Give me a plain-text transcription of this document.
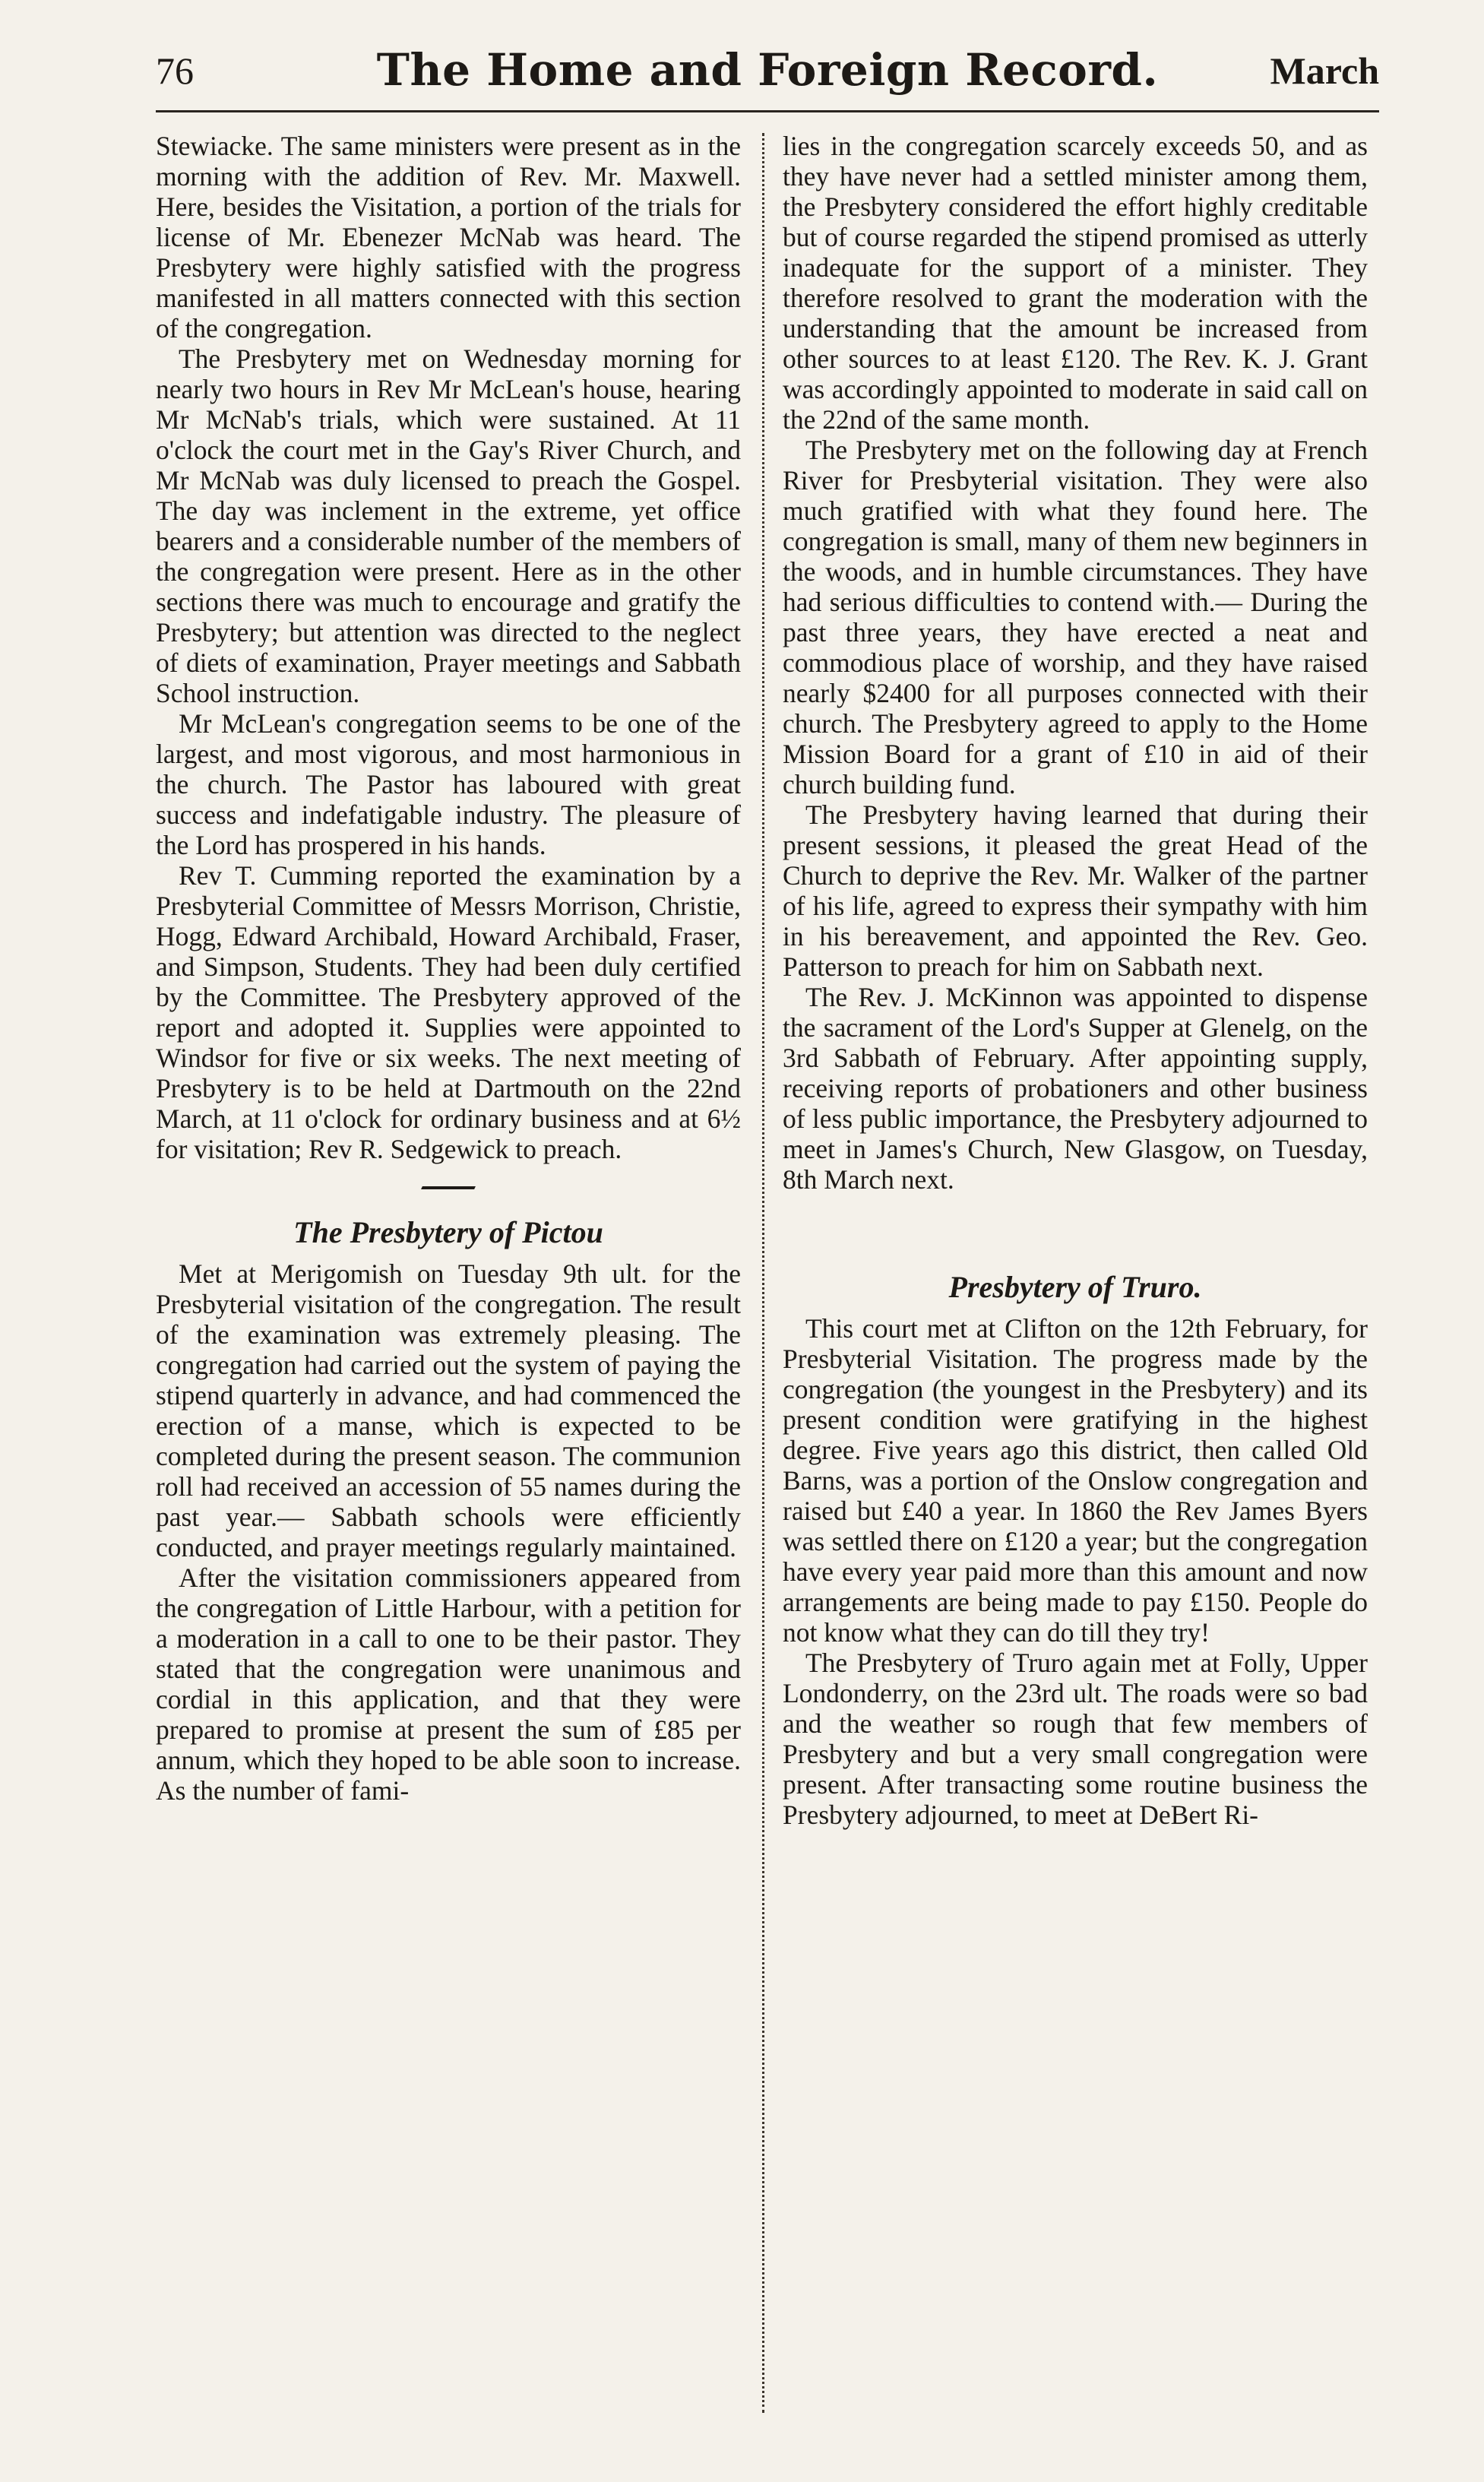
76	The Home and Foreign Record.	March

Stewiacke. The same ministers were present as in the morning with the addition of Rev. Mr. Maxwell. Here, besides the Visitation, a portion of the trials for license of Mr. Ebenezer McNab was heard. The Presbytery were highly satisfied with the progress manifested in all matters connected with this section of the congregation.

The Presbytery met on Wednesday morning for nearly two hours in Rev Mr McLean's house, hearing Mr McNab's trials, which were sustained. At 11 o'clock the court met in the Gay's River Church, and Mr McNab was duly licensed to preach the Gospel. The day was inclement in the extreme, yet office bearers and a considerable number of the members of the congregation were present. Here as in the other sections there was much to encourage and gratify the Presbytery; but attention was directed to the neglect of diets of examination, Prayer meetings and Sabbath School instruction.

Mr McLean's congregation seems to be one of the largest, and most vigorous, and most harmonious in the church. The Pastor has laboured with great success and indefatigable industry. The pleasure of the Lord has prospered in his hands.

Rev T. Cumming reported the examination by a Presbyterial Committee of Messrs Morrison, Christie, Hogg, Edward Archibald, Howard Archibald, Fraser, and Simpson, Students. They had been duly certified by the Committee. The Presbytery approved of the report and adopted it. Supplies were appointed to Windsor for five or six weeks. The next meeting of Presbytery is to be held at Dartmouth on the 22nd March, at 11 o'clock for ordinary business and at 6½ for visitation; Rev R. Sedgewick to preach.

The Presbytery of Pictou

Met at Merigomish on Tuesday 9th ult. for the Presbyterial visitation of the congregation. The result of the examination was extremely pleasing. The congregation had carried out the system of paying the stipend quarterly in advance, and had commenced the erection of a manse, which is expected to be completed during the present season. The communion roll had received an accession of 55 names during the past year.— Sabbath schools were efficiently conducted, and prayer meetings regularly maintained.

After the visitation commissioners appeared from the congregation of Little Harbour, with a petition for a moderation in a call to one to be their pastor. They stated that the congregation were unanimous and cordial in this application, and that they were prepared to promise at present the sum of £85 per annum, which they hoped to be able soon to increase. As the number of fami-

lies in the congregation scarcely exceeds 50, and as they have never had a settled minister among them, the Presbytery considered the effort highly creditable but of course regarded the stipend promised as utterly inadequate for the support of a minister. They therefore resolved to grant the moderation with the understanding that the amount be increased from other sources to at least £120. The Rev. K. J. Grant was accordingly appointed to moderate in said call on the 22nd of the same month.

The Presbytery met on the following day at French River for Presbyterial visitation. They were also much gratified with what they found here. The congregation is small, many of them new beginners in the woods, and in humble circumstances. They have had serious difficulties to contend with.— During the past three years, they have erected a neat and commodious place of worship, and they have raised nearly $2400 for all purposes connected with their church. The Presbytery agreed to apply to the Home Mission Board for a grant of £10 in aid of their church building fund.

The Presbytery having learned that during their present sessions, it pleased the great Head of the Church to deprive the Rev. Mr. Walker of the partner of his life, agreed to express their sympathy with him in his bereavement, and appointed the Rev. Geo. Patterson to preach for him on Sabbath next.

The Rev. J. McKinnon was appointed to dispense the sacrament of the Lord's Supper at Glenelg, on the 3rd Sabbath of February. After appointing supply, receiving reports of probationers and other business of less public importance, the Presbytery adjourned to meet in James's Church, New Glasgow, on Tuesday, 8th March next.

Presbytery of Truro.

This court met at Clifton on the 12th February, for Presbyterial Visitation. The progress made by the congregation (the youngest in the Presbytery) and its present condition were gratifying in the highest degree. Five years ago this district, then called Old Barns, was a portion of the Onslow congregation and raised but £40 a year. In 1860 the Rev James Byers was settled there on £120 a year; but the congregation have every year paid more than this amount and now arrangements are being made to pay £150. People do not know what they can do till they try!

The Presbytery of Truro again met at Folly, Upper Londonderry, on the 23rd ult. The roads were so bad and the weather so rough that few members of Presbytery and but a very small congregation were present. After transacting some routine business the Presbytery adjourned, to meet at DeBert Ri-
